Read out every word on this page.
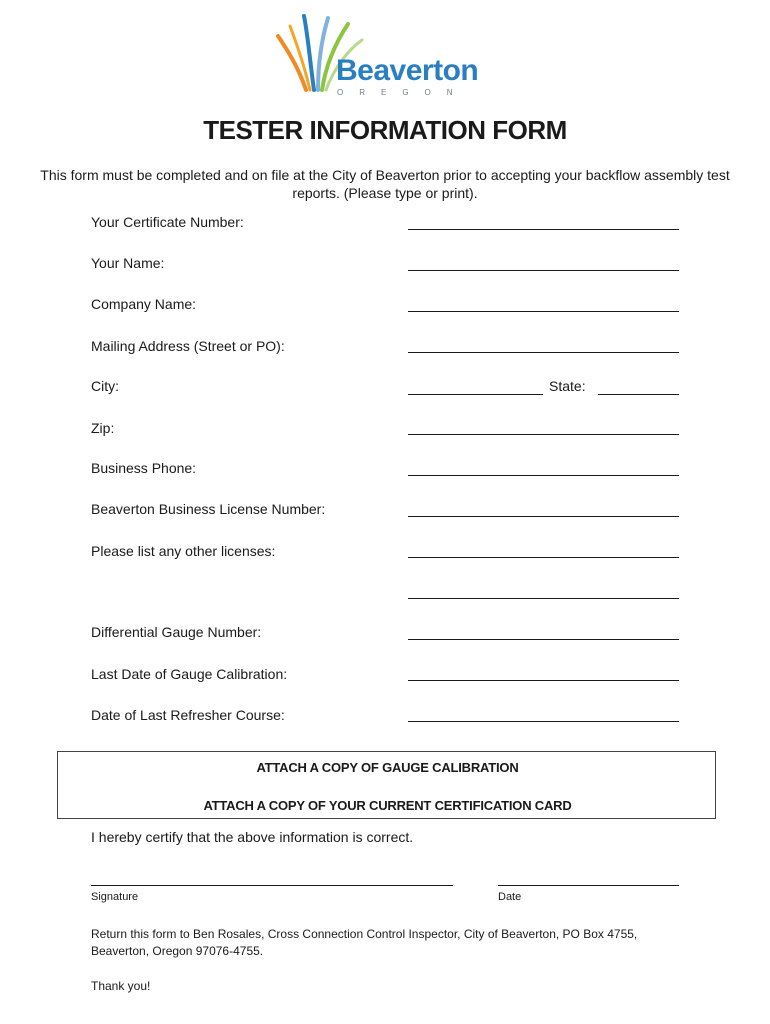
Beaverton
OREGON
TESTER INFORMATION FORM
This form must be completed and on file at the City of Beaverton prior to accepting your backflow assembly test reports. (Please type or print).
Your Certificate Number:
Your Name:
Company Name:
Mailing Address (Street or PO):
City:	State:
Zip:
Business Phone:
Beaverton Business License Number:
Please list any other licenses:
Differential Gauge Number:
Last Date of Gauge Calibration:
Date of Last Refresher Course:
ATTACH A COPY OF GAUGE CALIBRATION
ATTACH A COPY OF YOUR CURRENT CERTIFICATION CARD
I hereby certify that the above information is correct.
Signature	Date
Return this form to Ben Rosales, Cross Connection Control Inspector, City of Beaverton, PO Box 4755, Beaverton, Oregon 97076-4755.
Thank you!
